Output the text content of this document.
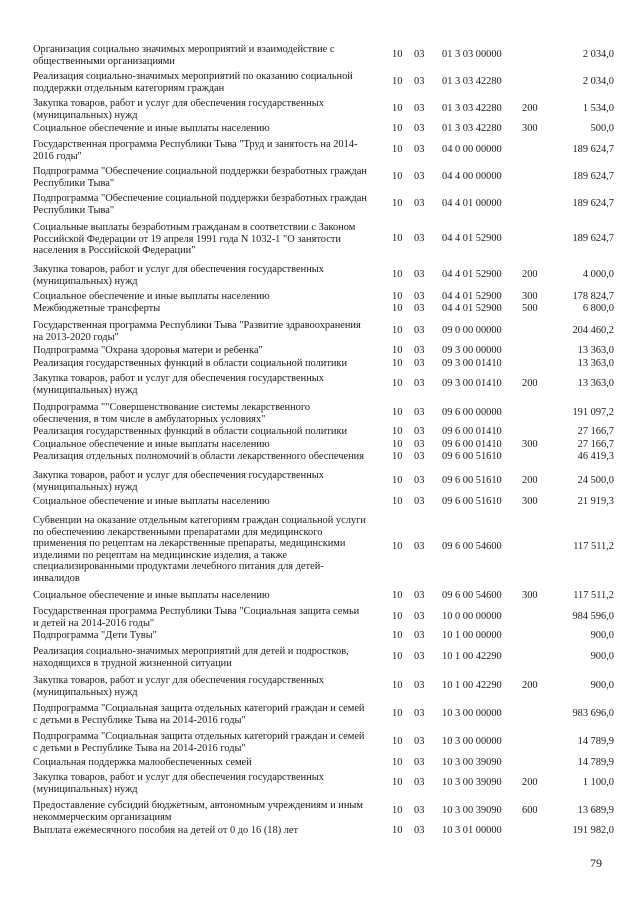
Организация социально значимых мероприятий и взаимодействие с
общественными организациями
10	03	01 3 03 00000	2 034,0
Реализация социально-значимых мероприятий по оказанию социальной
поддержки отдельным категориям граждан
10	03	01 3 03 42280	2 034,0
Закупка товаров, работ и услуг для обеспечения государственных
(муниципальных) нужд
10	03	01 3 03 42280	200	1 534,0
Социальное обеспечение и иные выплаты населению	10	03	01 3 03 42280	300	500,0
Государственная программа Республики Тыва "Труд и занятость на 2014-
2016 годы"
10	03	04 0 00 00000	189 624,7
Подпрограмма "Обеспечение социальной поддержки безработных граждан
Республики Тыва"
10	03	04 4 00 00000	189 624,7
Подпрограмма "Обеспечение социальной поддержки безработных граждан
Республики Тыва"
10	03	04 4 01 00000	189 624,7
Социальные выплаты безработным гражданам в соответствии с Законом
Российской Федерации от 19 апреля 1991 года N 1032-1 "О занятости
населения в Российской Федерации"
10	03	04 4 01 52900	189 624,7
Закупка товаров, работ и услуг для обеспечения государственных
(муниципальных) нужд
10	03	04 4 01 52900	200	4 000,0
Социальное обеспечение и иные выплаты населению	10	03	04 4 01 52900	300	178 824,7
Межбюджетные трансферты	10	03	04 4 01 52900	500	6 800,0
Государственная программа Республики Тыва "Развитие здравоохранения
на 2013-2020 годы"
10	03	09 0 00 00000	204 460,2
Подпрограмма "Охрана здоровья матери и ребенка"	10	03	09 3 00 00000	13 363,0
Реализация государственных функций в области социальной политики	10	03	09 3 00 01410	13 363,0
Закупка товаров, работ и услуг для обеспечения государственных
(муниципальных) нужд
10	03	09 3 00 01410	200	13 363,0
Подпрограмма ""Совершенствование системы лекарственного
обеспечения, в том числе в амбулаторных условиях"
10	03	09 6 00 00000	191 097,2
Реализация государственных функций в области социальной политики	10	03	09 6 00 01410	27 166,7
Социальное обеспечение и иные выплаты населению	10	03	09 6 00 01410	300	27 166,7
Реализация отдельных полномочий в области лекарственного обеспечения	10	03	09 6 00 51610	46 419,3
Закупка товаров, работ и услуг для обеспечения государственных
(муниципальных) нужд
10	03	09 6 00 51610	200	24 500,0
Социальное обеспечение и иные выплаты населению	10	03	09 6 00 51610	300	21 919,3
Субвенции на оказание отдельным категориям граждан социальной услуги
по обеспечению лекарственными препаратами для медицинского
применения по рецептам на лекарственные препараты, медицинскими
изделиями по рецептам на медицинские изделия, а также
специализированными продуктами лечебного питания для детей-
инвалидов
10	03	09 6 00 54600	117 511,2
Социальное обеспечение и иные выплаты населению	10	03	09 6 00 54600	300	117 511,2
Государственная программа Республики Тыва "Социальная защита семьи
и детей на 2014-2016 годы"
10	03	10 0 00 00000	984 596,0
Подпрограмма "Дети Тувы"	10	03	10 1 00 00000	900,0
Реализация социально-значимых мероприятий для детей и подростков,
находящихся в трудной жизненной ситуации
10	03	10 1 00 42290	900,0
Закупка товаров, работ и услуг для обеспечения государственных
(муниципальных) нужд
10	03	10 1 00 42290	200	900,0
Подпрограмма "Социальная защита отдельных категорий граждан и семей
с детьми в Республике Тыва на 2014-2016 годы"
10	03	10 3 00 00000	983 696,0
Подпрограмма "Социальная защита отдельных категорий граждан и семей
с детьми в Республике Тыва на 2014-2016 годы"
10	03	10 3 00 00000	14 789,9
Социальная поддержка малообеспеченных семей	10	03	10 3 00 39090	14 789,9
Закупка товаров, работ и услуг для обеспечения государственных
(муниципальных) нужд
10	03	10 3 00 39090	200	1 100,0
Предоставление субсидий бюджетным, автономным учреждениям и иным
некоммерческим организациям
10	03	10 3 00 39090	600	13 689,9
Выплата ежемесячного пособия на детей от 0 до 16 (18) лет	10	03	10 3 01 00000	191 982,0
79
